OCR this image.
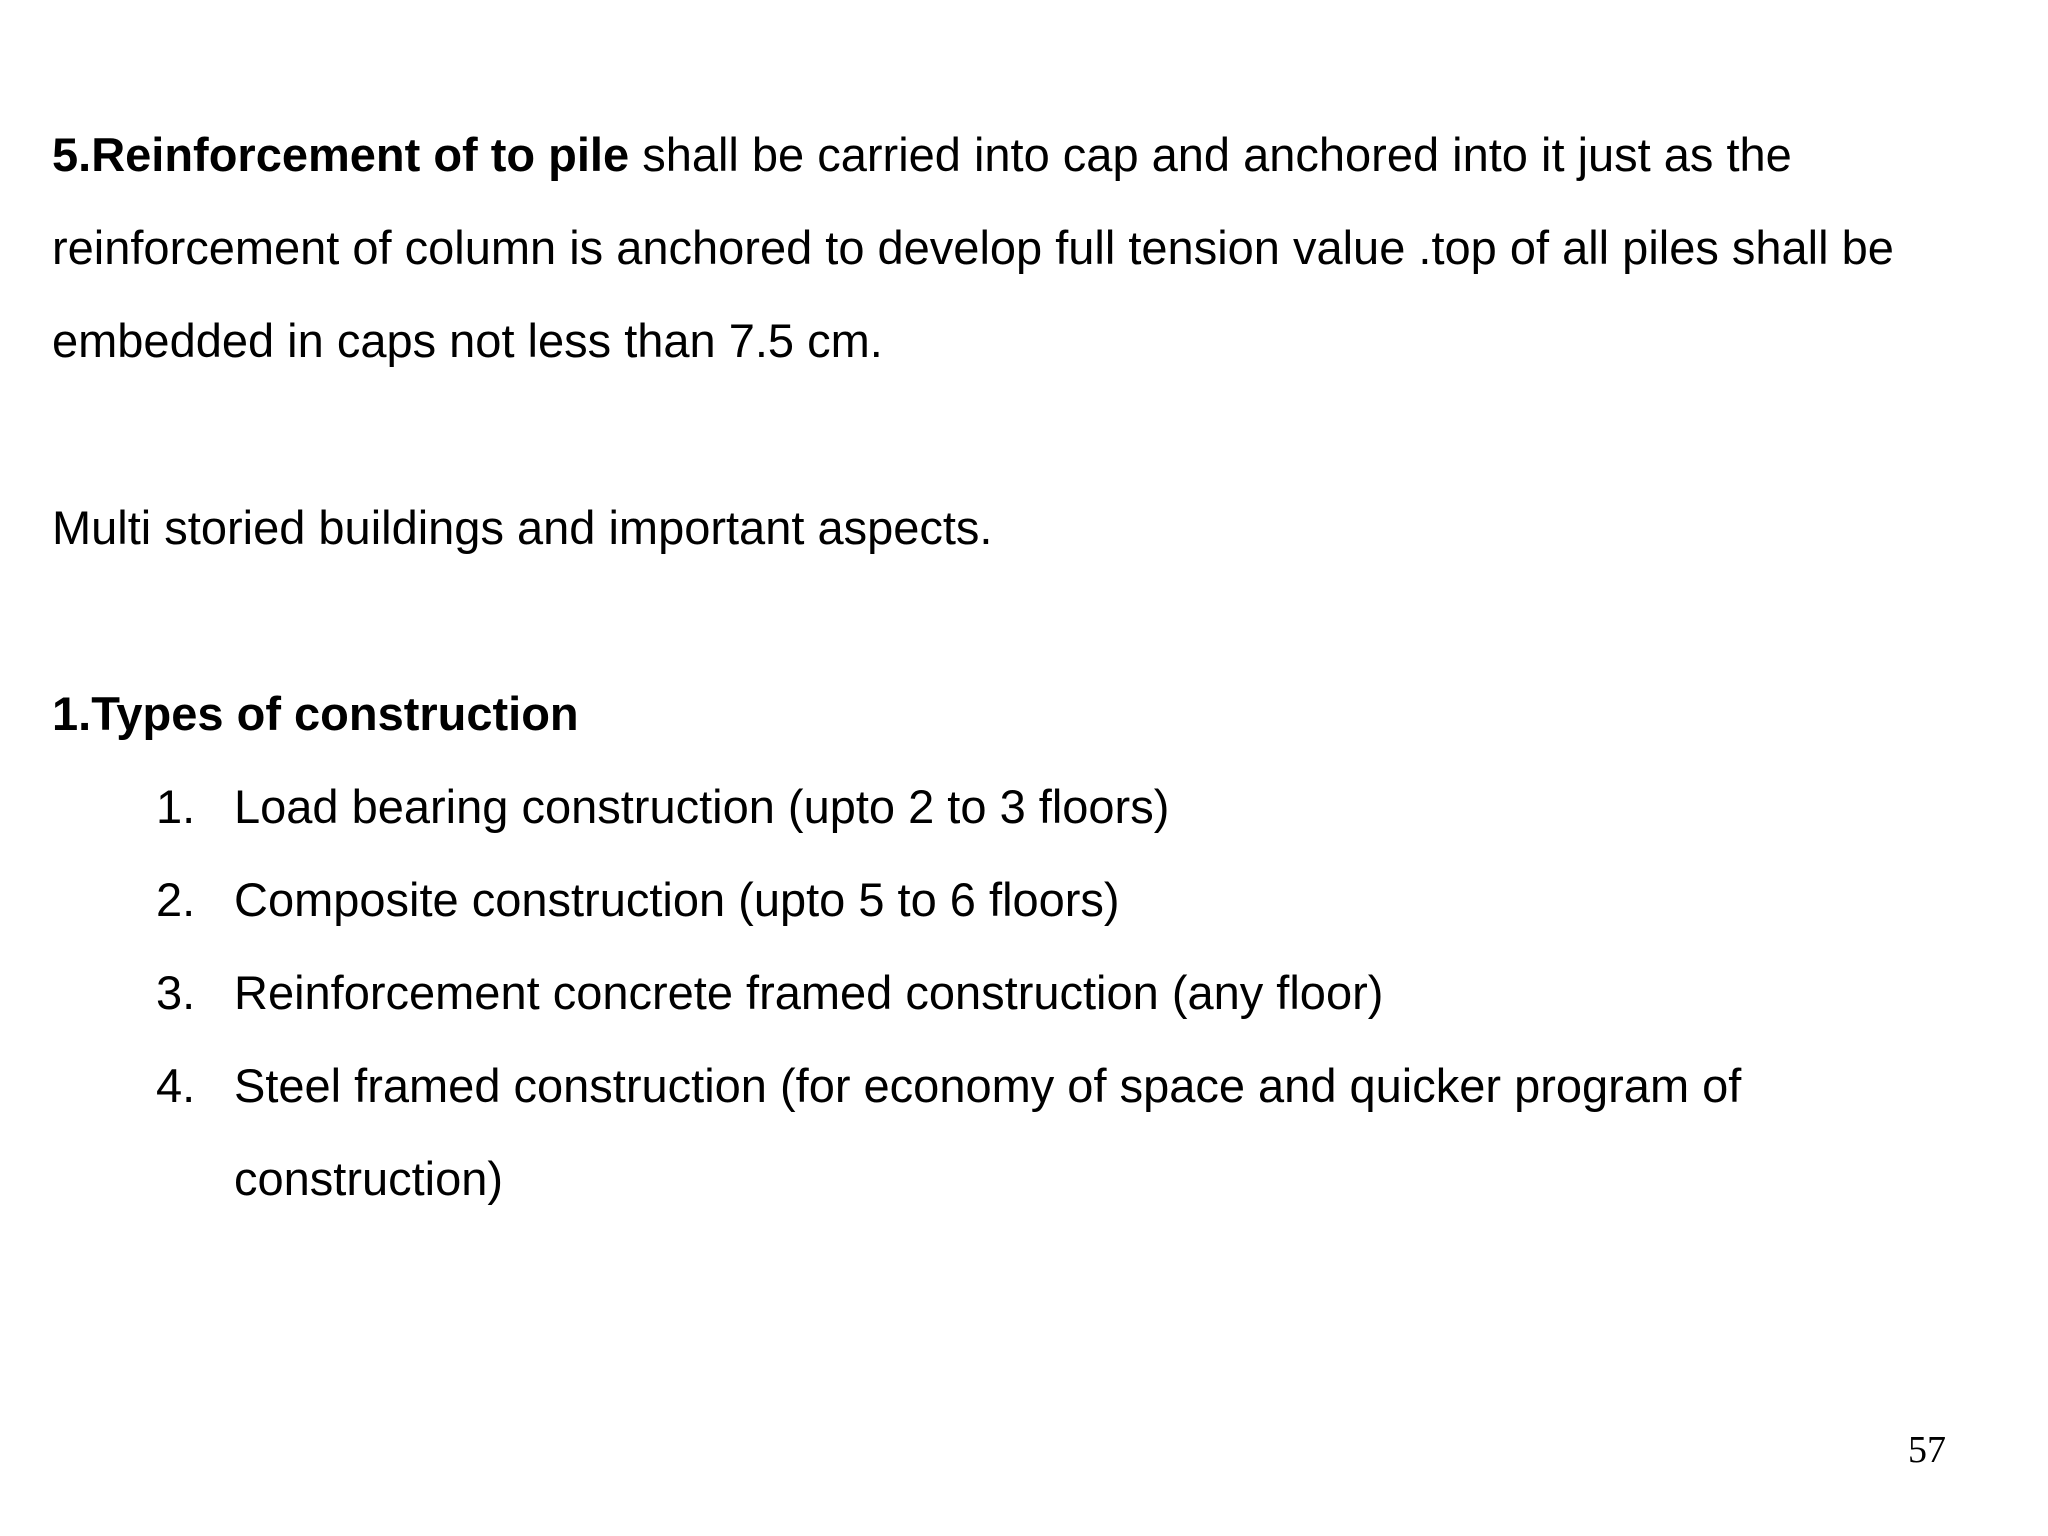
5.Reinforcement of to pile shall be carried into cap and anchored into it just as the reinforcement of column is anchored to develop full tension value .top of all piles shall be embedded in caps not less than 7.5 cm.

Multi storied buildings and important aspects.

1.Types of construction

1. Load bearing construction (upto 2 to 3 floors)
2. Composite construction (upto 5 to 6 floors)
3. Reinforcement concrete framed construction (any floor)
4. Steel framed construction (for economy of space and quicker program of construction)
57
